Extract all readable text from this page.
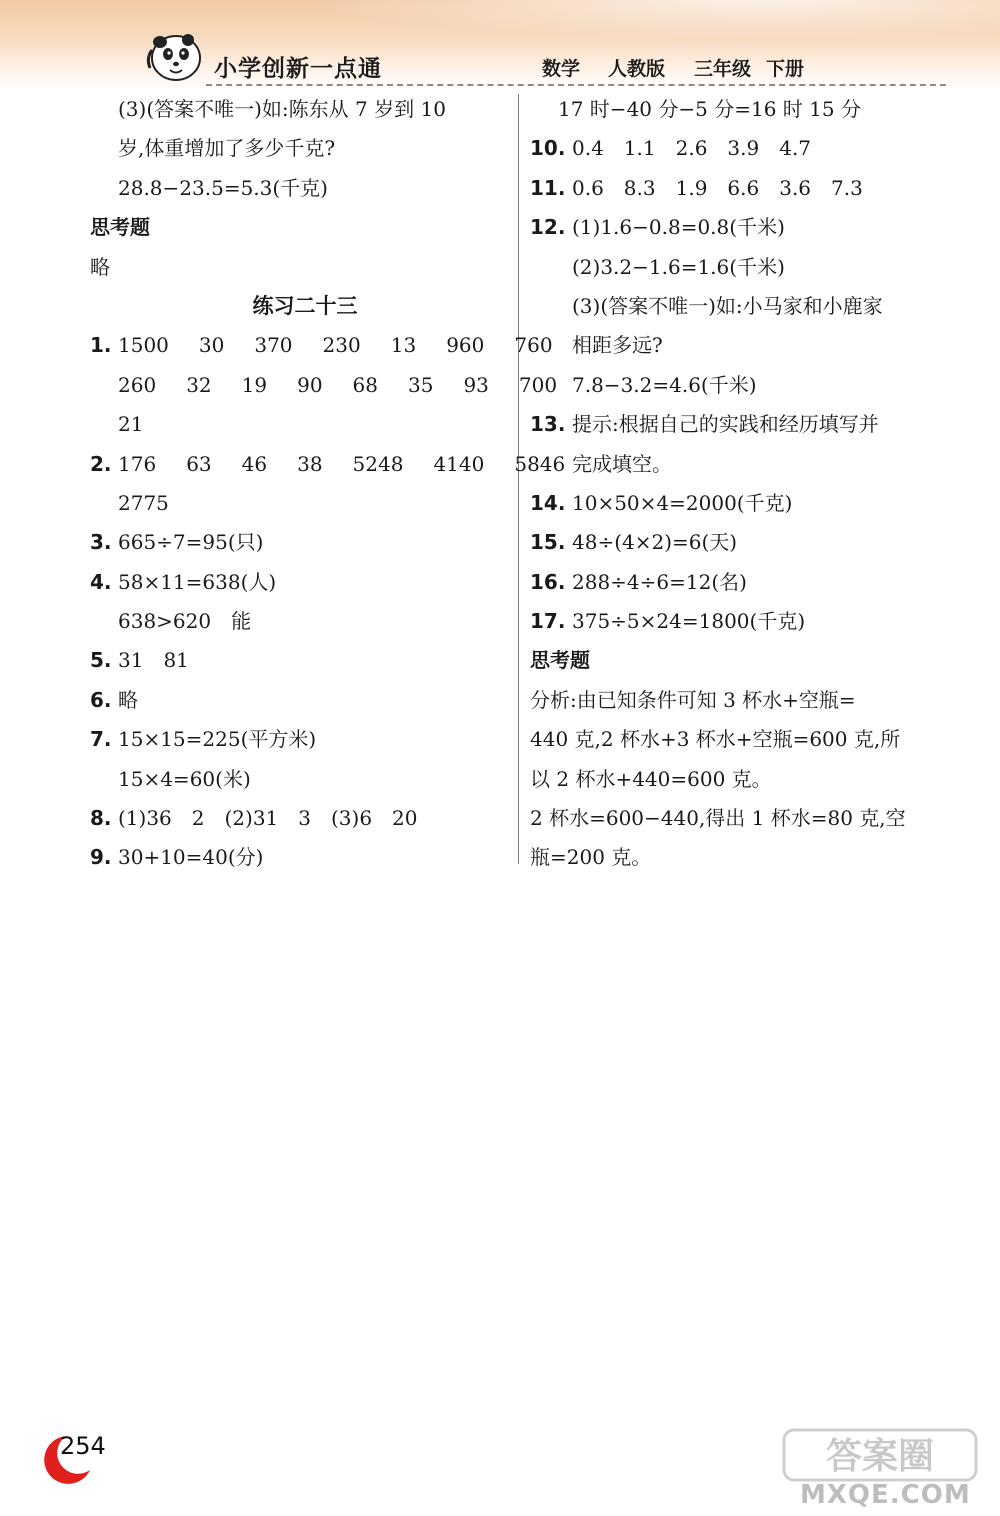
小学创新一点通	数学 人教版 三年级 下册
(3)(答案不唯一)如:陈东从 7 岁到 10
岁,体重增加了多少千克?
28.8−23.5=5.3(千克)
思考题
略
练习二十三
1. 1500 30 370 230 13 960 760
260 32 19 90 68 35 93 700
21
2. 176 63 46 38 5248 4140 5846
2775
3. 665÷7=95(只)
4. 58×11=638(人)
638>620　能
5. 31　81
6. 略
7. 15×15=225(平方米)
15×4=60(米)
8. (1)36　2　(2)31　3　(3)6　20
9. 30+10=40(分)
17 时−40 分−5 分=16 时 15 分
10. 0.4　1.1　2.6　3.9　4.7
11. 0.6　8.3　1.9　6.6　3.6　7.3
12. (1)1.6−0.8=0.8(千米)
(2)3.2−1.6=1.6(千米)
(3)(答案不唯一)如:小马家和小鹿家
相距多远?
7.8−3.2=4.6(千米)
13. 提示:根据自己的实践和经历填写并
完成填空。
14. 10×50×4=2000(千克)
15. 48÷(4×2)=6(天)
16. 288÷4÷6=12(名)
17. 375÷5×24=1800(千克)
思考题
分析:由已知条件可知 3 杯水+空瓶=
440 克,2 杯水+3 杯水+空瓶=600 克,所
以 2 杯水+440=600 克。
2 杯水=600−440,得出 1 杯水=80 克,空
瓶=200 克。
254	答案圈
MXQE.COM
